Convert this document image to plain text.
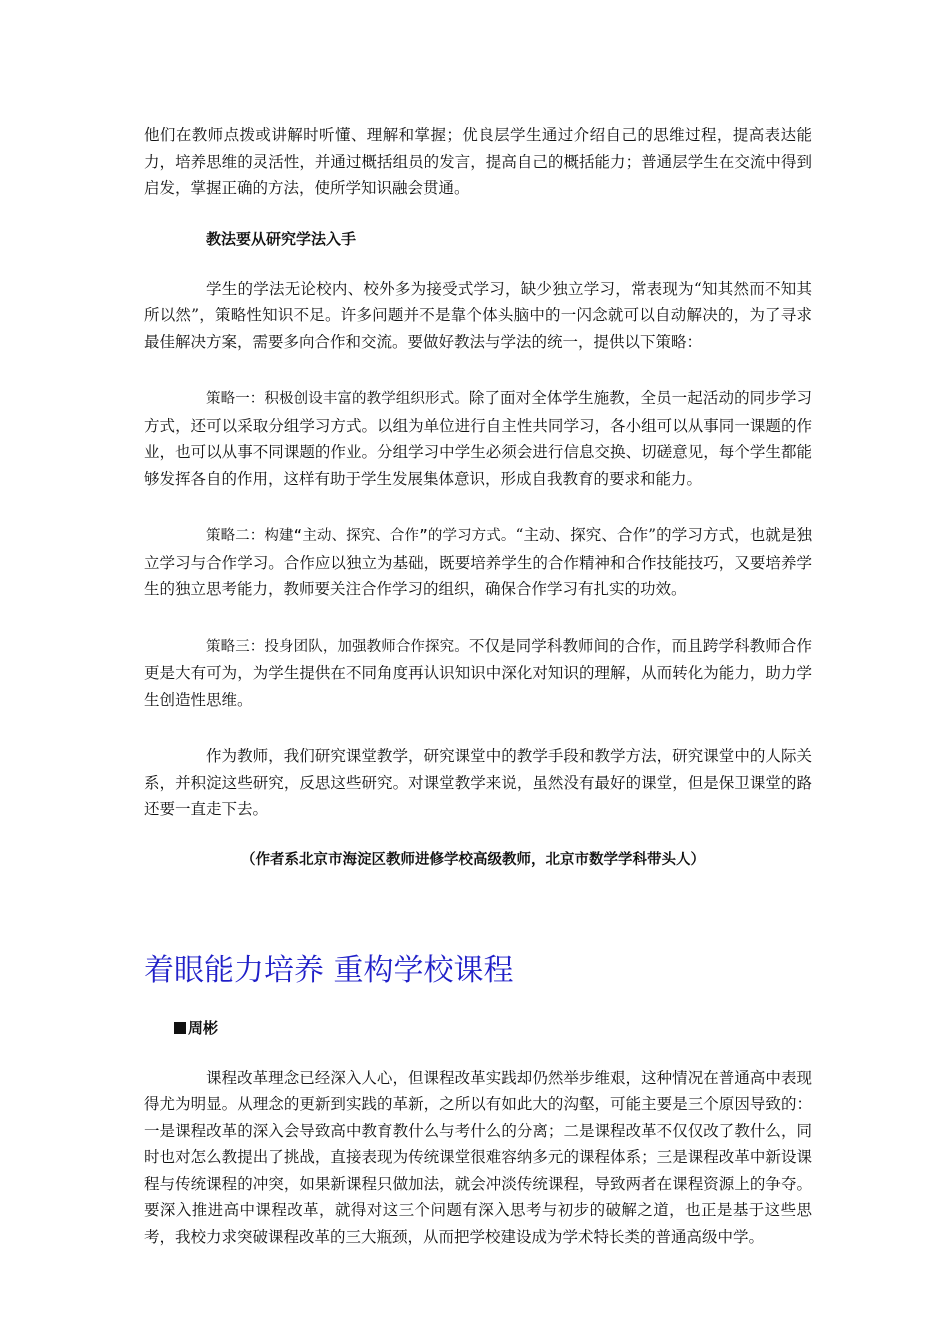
他们在教师点拨或讲解时听懂、理解和掌握；优良层学生通过介绍自己的思维过程，提高表达能力，培养思维的灵活性，并通过概括组员的发言，提高自己的概括能力；普通层学生在交流中得到启发，掌握正确的方法，使所学知识融会贯通。

教法要从研究学法入手

学生的学法无论校内、校外多为接受式学习，缺少独立学习，常表现为“知其然而不知其所以然”，策略性知识不足。许多问题并不是靠个体头脑中的一闪念就可以自动解决的，为了寻求最佳解决方案，需要多向合作和交流。要做好教法与学法的统一，提供以下策略：

策略一：积极创设丰富的教学组织形式。除了面对全体学生施教，全员一起活动的同步学习方式，还可以采取分组学习方式。以组为单位进行自主性共同学习，各小组可以从事同一课题的作业，也可以从事不同课题的作业。分组学习中学生必须会进行信息交换、切磋意见，每个学生都能够发挥各自的作用，这样有助于学生发展集体意识，形成自我教育的要求和能力。

策略二：构建“主动、探究、合作”的学习方式。“主动、探究、合作”的学习方式，也就是独立学习与合作学习。合作应以独立为基础，既要培养学生的合作精神和合作技能技巧，又要培养学生的独立思考能力，教师要关注合作学习的组织，确保合作学习有扎实的功效。

策略三：投身团队，加强教师合作探究。不仅是同学科教师间的合作，而且跨学科教师合作更是大有可为，为学生提供在不同角度再认识知识中深化对知识的理解，从而转化为能力，助力学生创造性思维。

作为教师，我们研究课堂教学，研究课堂中的教学手段和教学方法，研究课堂中的人际关系，并积淀这些研究，反思这些研究。对课堂教学来说，虽然没有最好的课堂，但是保卫课堂的路还要一直走下去。

（作者系北京市海淀区教师进修学校高级教师，北京市数学学科带头人）
着眼能力培养 重构学校课程
周彬

课程改革理念已经深入人心，但课程改革实践却仍然举步维艰，这种情况在普通高中表现得尤为明显。从理念的更新到实践的革新，之所以有如此大的沟壑，可能主要是三个原因导致的：一是课程改革的深入会导致高中教育教什么与考什么的分离；二是课程改革不仅仅改了教什么，同时也对怎么教提出了挑战，直接表现为传统课堂很难容纳多元的课程体系；三是课程改革中新设课程与传统课程的冲突，如果新课程只做加法，就会冲淡传统课程，导致两者在课程资源上的争夺。要深入推进高中课程改革，就得对这三个问题有深入思考与初步的破解之道，也正是基于这些思考，我校力求突破课程改革的三大瓶颈，从而把学校建设成为学术特长类的普通高级中学。
